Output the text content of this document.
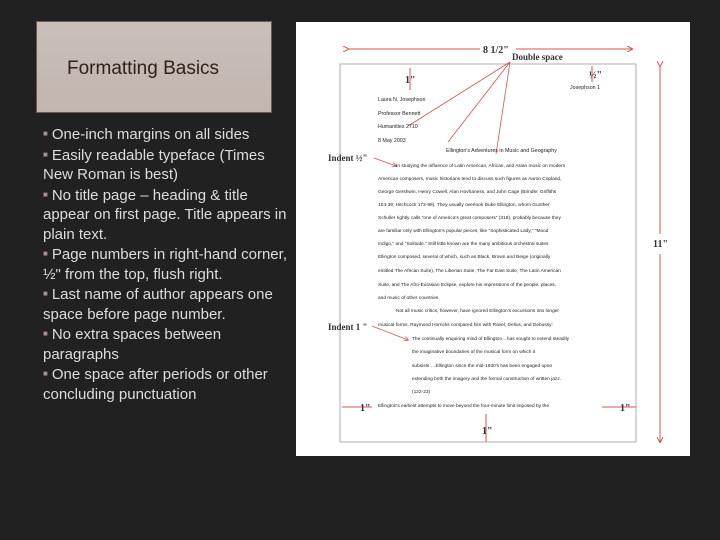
Formatting Basics

■ One-inch margins on all sides

■ Easily readable typeface (Times New Roman is best)

■ No title page – heading & title appear on first page. Title appears in plain text.

■ Page numbers in right-hand corner, ½" from the top, flush right.

■ Last name of author appears one space before page number.

■ No extra spaces between paragraphs

■ One space after periods or other concluding punctuation

8 1/2"
Double space
1"	½"
11"
Indent ½"
Indent 1 "
1"	1"
1"
Josephson 1
Laura N. Josephson
Professor Bennett
Humanities 2710
8 May 2003
Ellington's Adventures in Music and Geography
In studying the influence of Latin American, African, and Asian music on modern
American composers, music historians tend to discuss such figures as Aaron Copland,
George Gershwin, Henry Cowell, Alan Hovhaness, and John Cage (Brindle; Griffiths
104-39; Hitchcock 173-98). They usually overlook Duke Ellington, whom Gunther
Schuller rightly calls "one of America's great composers" (318), probably because they
are familiar only with Ellington's popular pieces, like "Sophisticated Lady," "Mood
Indigo," and "Solitude." Still little known are the many ambitious orchestral suites
Ellington composed, several of which, such as Black, Brown and Beige (originally
entitled The African Suite), The Liberian Suite, The Far East Suite, The Latin American
Suite, and The Afro-Eurasian Eclipse, explore his impressions of the people, places,
and music of other countries.
Not all music critics, however, have ignored Ellington's excursions into longer
musical forms. Raymond Horricks compared him with Ravel, Delius, and Debussy:
The continually enquiring mind of Ellington…has sought to extend steadily
the imaginative boundaries of the musical form on which it
subsists….Ellington since the mid-1930's has been engaged upon
extending both the imagery and the formal construction of written jazz.
(122-23)
Ellington's earliest attempts to move beyond the four-minute limit imposed by the
